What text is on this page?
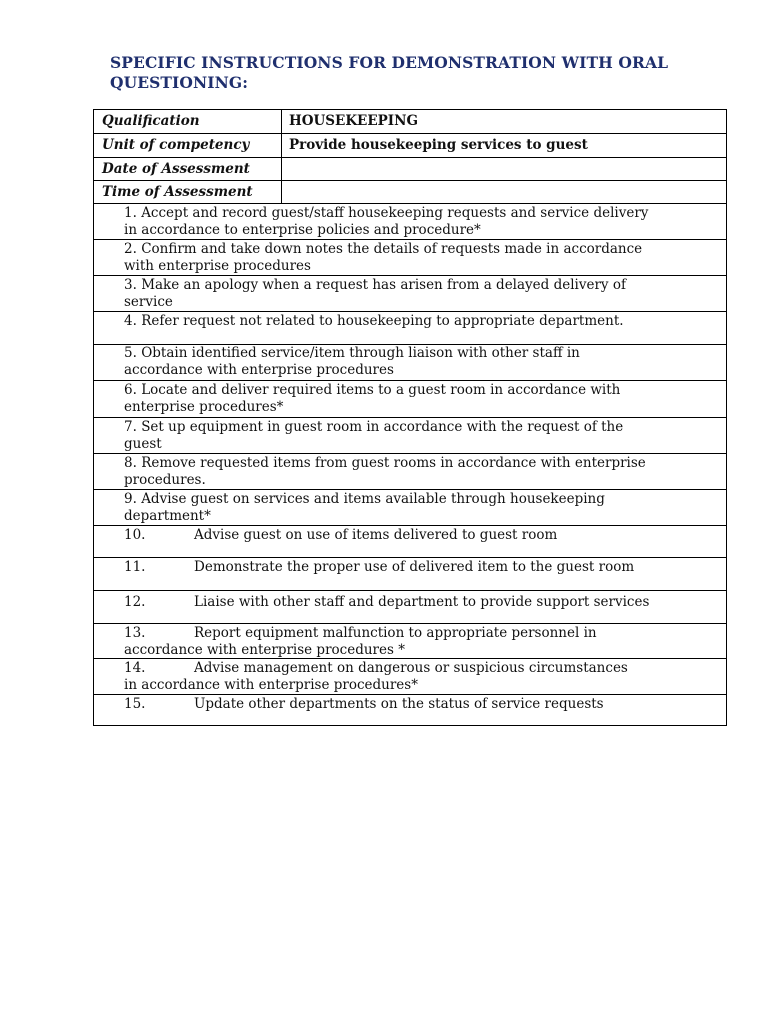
SPECIFIC INSTRUCTIONS FOR DEMONSTRATION WITH ORAL
QUESTIONING:
Qualification	HOUSEKEEPING
Unit of competency	Provide housekeeping services to guest
Date of Assessment
Time of Assessment
1. Accept and record guest/staff housekeeping requests and service delivery
in accordance to enterprise policies and procedure*
2. Confirm and take down notes the details of requests made in accordance
with enterprise procedures
3. Make an apology when a request has arisen from a delayed delivery of
service
4. Refer request not related to housekeeping to appropriate department.
5. Obtain identified service/item through liaison with other staff in
accordance with enterprise procedures
6. Locate and deliver required items to a guest room in accordance with
enterprise procedures*
7. Set up equipment in guest room in accordance with the request of the
guest
8. Remove requested items from guest rooms in accordance with enterprise
procedures.
9. Advise guest on services and items available through housekeeping
department*
10.	Advise guest on use of items delivered to guest room
11.	Demonstrate the proper use of delivered item to the guest room
12.	Liaise with other staff and department to provide support services
13.	Report equipment malfunction to appropriate personnel in
accordance with enterprise procedures *
14.	Advise management on dangerous or suspicious circumstances
in accordance with enterprise procedures*
15.	Update other departments on the status of service requests
